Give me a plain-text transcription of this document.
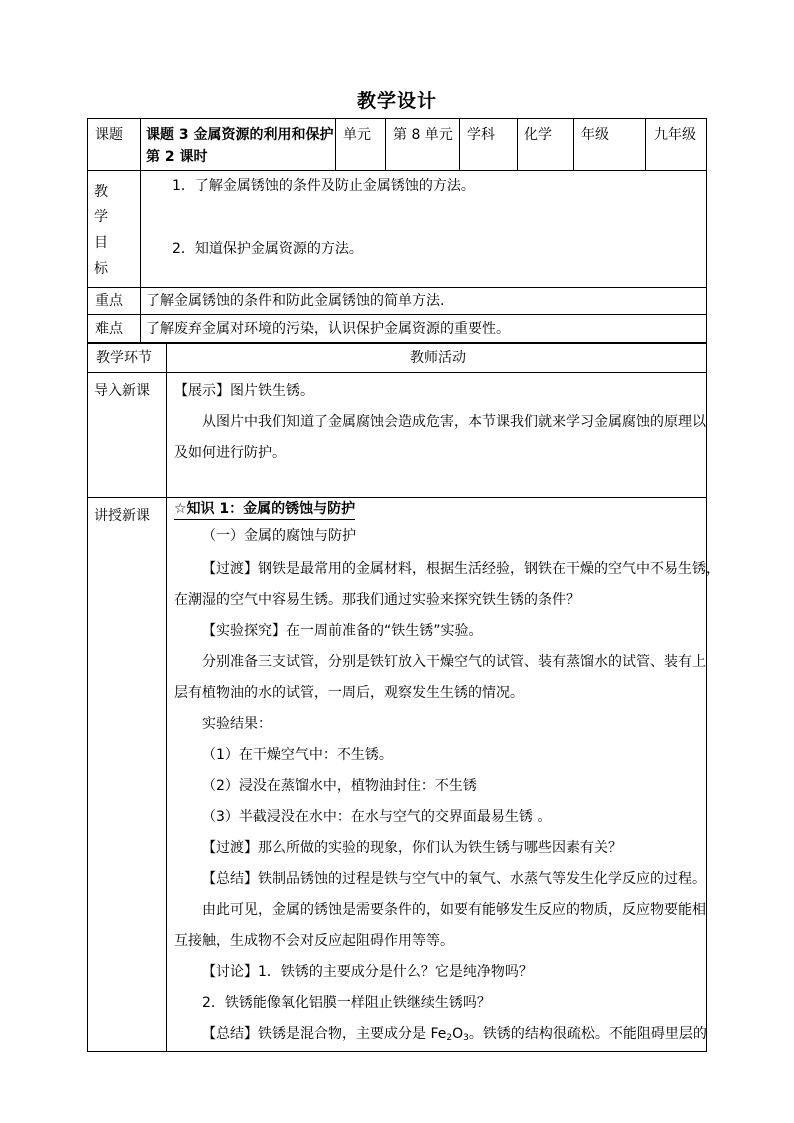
教学设计
课题 课题 3 金属资源的利用和保护
第 2 课时
单元 第 8 单元 学科 化学 年级	九年级
教
学
目
标
1．了解金属锈蚀的条件及防止金属锈蚀的方法。
2．知道保护金属资源的方法。
重点 了解金属锈蚀的条件和防此金属锈蚀的简单方法.
难点 了解废弃金属对环境的污染，认识保护金属资源的重要性。
教学环节	教师活动
导入新课 【展示】图片铁生锈。
从图片中我们知道了金属腐蚀会造成危害，本节课我们就来学习金属腐蚀的原理以
及如何进行防护。
讲授新课 ☆知识 1：金属的锈蚀与防护
（一）金属的腐蚀与防护
【过渡】钢铁是最常用的金属材料，根据生活经验，钢铁在干燥的空气中不易生锈，
在潮湿的空气中容易生锈。那我们通过实验来探究铁生锈的条件？
【实验探究】在一周前准备的“铁生锈”实验。
分别准备三支试管，分别是铁钉放入干燥空气的试管、装有蒸馏水的试管、装有上
层有植物油的水的试管，一周后，观察发生生锈的情况。
实验结果：
（1）在干燥空气中：不生锈。
（2）浸没在蒸馏水中，植物油封住：不生锈
（3）半截浸没在水中：在水与空气的交界面最易生锈 。
【过渡】那么所做的实验的现象，你们认为铁生锈与哪些因素有关？
【总结】铁制品锈蚀的过程是铁与空气中的氧气、水蒸气等发生化学反应的过程。
由此可见，金属的锈蚀是需要条件的，如要有能够发生反应的物质，反应物要能相
互接触，生成物不会对反应起阻碍作用等等。
【讨论】1．铁锈的主要成分是什么？它是纯净物吗？
2．铁锈能像氧化铝膜一样阻止铁继续生锈吗？
【总结】铁锈是混合物，主要成分是 $Fe_2O_3$。铁锈的结构很疏松。不能阻碍里层的
